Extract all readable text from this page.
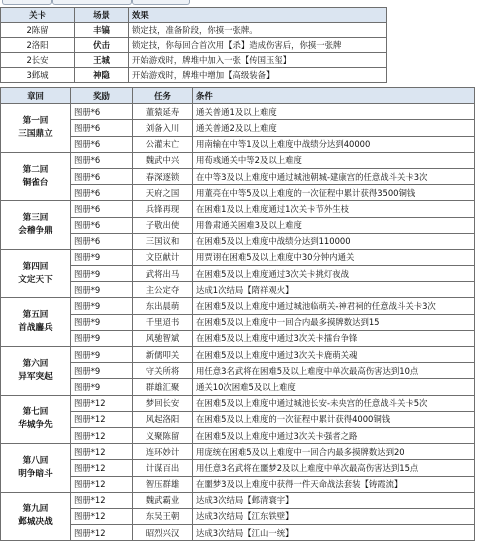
关卡	场景	效果
2陈留	丰镐	锁定技，准备阶段，你摸一张牌。
2洛阳	伏击	锁定技，你每回合首次用【杀】造成伤害后，你摸一张牌
2长安	王城	开始游戏时，牌堆中加入一张【传国玉玺】
3邺城	神隐	开始游戏时，牌堆中增加【高级装备】
章回	奖励	任务	条件

第一回
三国鼎立	图册*6	董猿延寿	通关普通1及以上难度
	图册*6	刘备入川	通关普通2及以上难度
	图册*6	公灌末亡	用南输在中等1及以上难度中战绩分达到40000

第二回
铜雀台	图册*6	魏武中兴	用荀彧通关中等2及以上难度
	图册*6	春深逐锁	在中等3及以上难度中通过城池朝城-建康宫的任意战斗关卡3次
	图册*6	天府之国	用董亮在中等5及以上难度的一次征程中累计获得3500铜钱

第三回
会稽争鼎	图册*6	兵锋再现	在困难1及以上难度通过1次关卡节外生枝
	图册*6	子敬出使	用鲁肃通关困难3及以上难度
	图册*6	三国议和	在困难5及以上难度中战绩分达到110000

第四回
文定天下	图册*9	文臣献计	用贾诩在困难5及以上难度中30分钟内通关
	图册*9	武将出马	在困难5及以上难度通过3次关卡挑灯夜战
	图册*9	主公定夺	达成1次结局【隋祥观火】

第五回
首战鏖兵	图册*9	东出晨萌	在困难5及以上难度中通过城池临萌关-神君祠的任意战斗关卡3次
	图册*9	千里迢书	在困难5及以上难度中一回合内最多摸牌数达到15
	图册*9	风驰智斌	在困难5及以上难度中通过3次关卡擂台争锋

第六回
异军突起	图册*9	新儒叩关	在困难5及以上难度中通过3次关卡鹿萌关魂
	图册*9	守关所将	用任意3名武将在困难5及以上难度中单次最高伤害达到10点
	图册*9	群雄汇聚	通关10次困难5及以上难度

第七回
华城争先	图册*12	梦回长安	在困难5及以上难度中通过城池长安-未央宫的任意战斗关卡5次
	图册*12	风起洛阳	在困难5及以上难度的一次征程中累计获得4000铜钱
	图册*12	义聚陈留	在困难5及以上难度中通过3次关卡强者之路

第八回
明争暗斗	图册*12	连环妙计	用庞统在困难5及以上难度中一回合内最多摸牌数达到20
	图册*12	计谋百出	用任意3名武将在噩梦2及以上难度中单次最高伤害达到15点
	图册*12	智压群雄	在噩梦3及以上难度中获得一件天命战法套装【铸霞流】

第九回
邺城决战	图册*12	魏武霸业	达成3次结局【邺清寰宇】
	图册*12	东吴王朝	达成3次结局【江东铁壁】
	图册*12	昭烈兴汉	达成3次结局【江山一统】
